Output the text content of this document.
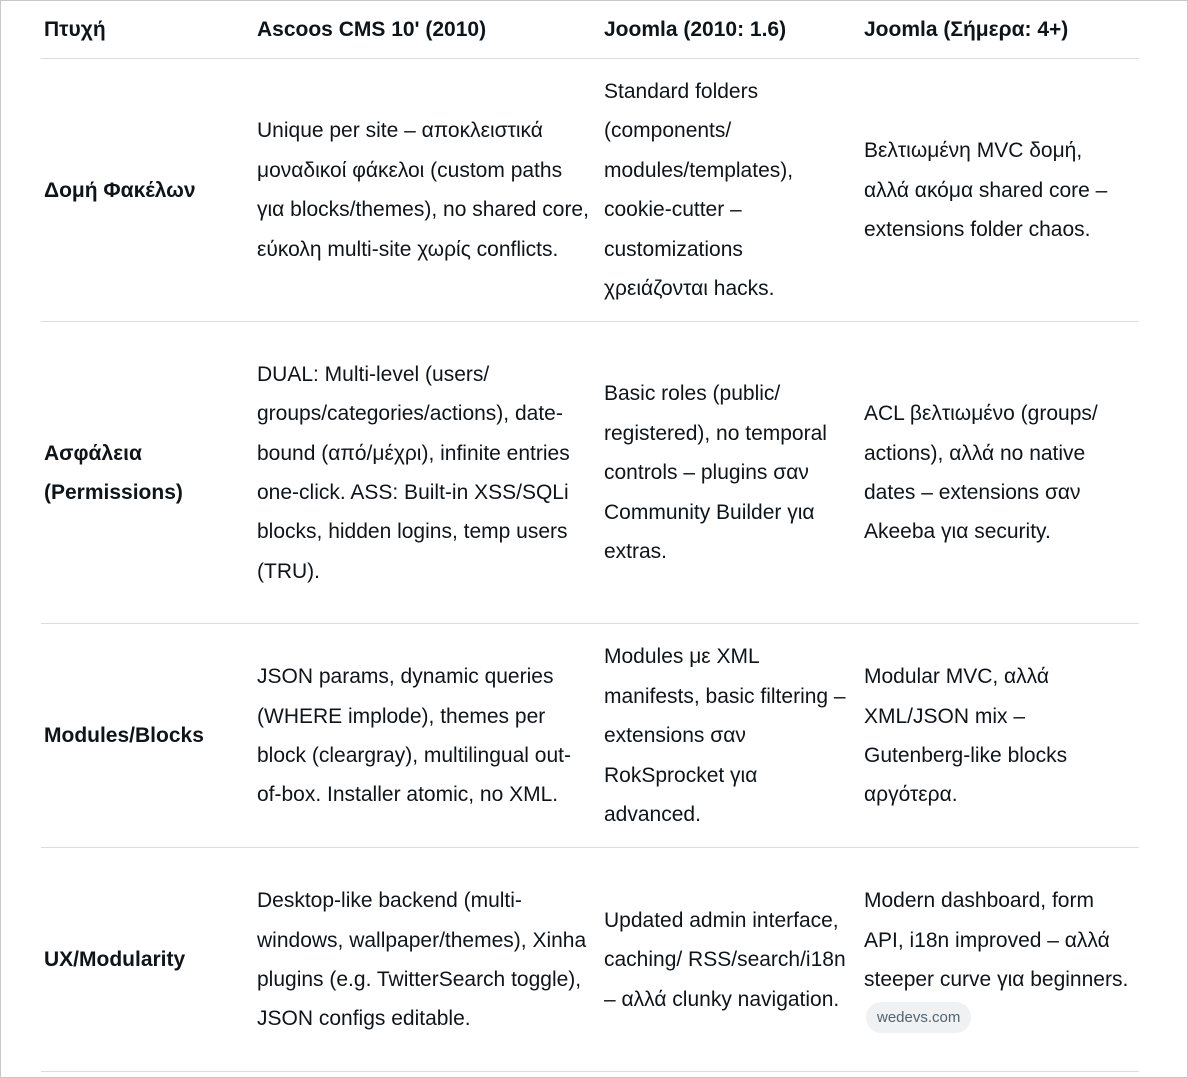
Πτυχή	Ascoos CMS 10' (2010)	Joomla (2010: 1.6)	Joomla (Σήμερα: 4+)
Δομή Φακέλων	Unique per site – αποκλειστικά μοναδικοί φάκελοι (custom paths για blocks/themes), no shared core, εύκολη multi-site χωρίς conflicts.	Standard folders (components/ modules/templates), cookie-cutter – customizations χρειάζονται hacks.	Βελτιωμένη MVC δομή, αλλά ακόμα shared core – extensions folder chaos.
Ασφάλεια (Permissions)	DUAL: Multi-level (users/ groups/categories/actions), date-bound (από/μέχρι), infinite entries one-click. ASS: Built-in XSS/SQLi blocks, hidden logins, temp users (TRU).	Basic roles (public/ registered), no temporal controls – plugins σαν Community Builder για extras.	ACL βελτιωμένο (groups/ actions), αλλά no native dates – extensions σαν Akeeba για security.
Modules/Blocks	JSON params, dynamic queries (WHERE implode), themes per block (cleargray), multilingual out-of-box. Installer atomic, no XML.	Modules με XML manifests, basic filtering – extensions σαν RokSprocket για advanced.	Modular MVC, αλλά XML/JSON mix – Gutenberg-like blocks αργότερα.
UX/Modularity	Desktop-like backend (multi-windows, wallpaper/themes), Xinha plugins (e.g. TwitterSearch toggle), JSON configs editable.	Updated admin interface, caching/ RSS/search/i18n – αλλά clunky navigation.	Modern dashboard, form API, i18n improved – αλλά steeper curve για beginners. wedevs.com
